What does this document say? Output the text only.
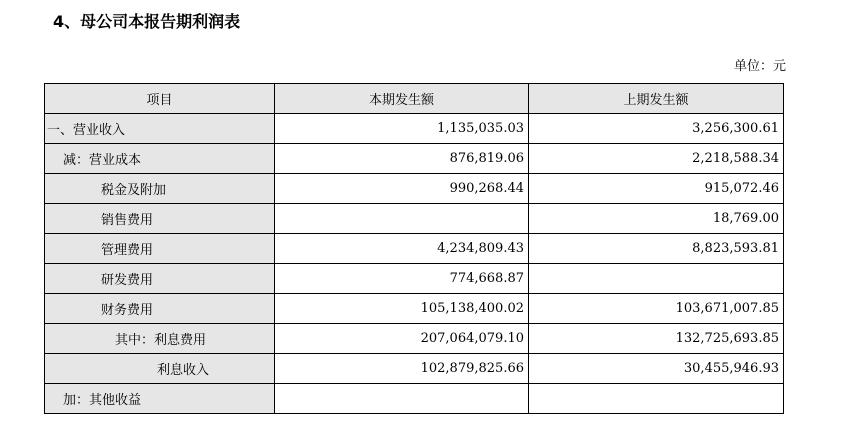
4、母公司本报告期利润表
单位：元
项目	本期发生额	上期发生额
一、营业收入	1,135,035.03	3,256,300.61
减：营业成本	876,819.06	2,218,588.34
税金及附加	990,268.44	915,072.46
销售费用		18,769.00
管理费用	4,234,809.43	8,823,593.81
研发费用	774,668.87	
财务费用	105,138,400.02	103,671,007.85
其中：利息费用	207,064,079.10	132,725,693.85
利息收入	102,879,825.66	30,455,946.93
加：其他收益		
